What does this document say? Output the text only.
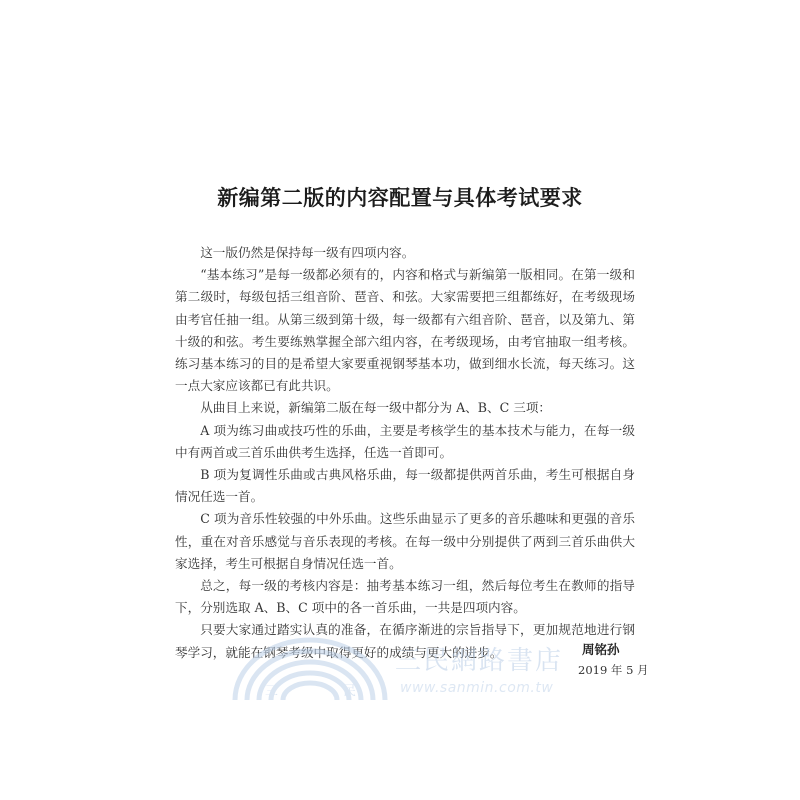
新编第二版的内容配置与具体考试要求

这一版仍然是保持每一级有四项内容。

“基本练习”是每一级都必须有的，内容和格式与新编第一版相同。在第一级和第二级时，每级包括三组音阶、琶音、和弦。大家需要把三组都练好，在考级现场由考官任抽一组。从第三级到第十级，每一级都有六组音阶、琶音，以及第九、第十级的和弦。考生要练熟掌握全部六组内容，在考级现场，由考官抽取一组考核。练习基本练习的目的是希望大家要重视钢琴基本功，做到细水长流，每天练习。这一点大家应该都已有此共识。

从曲目上来说，新编第二版在每一级中都分为 A、B、C 三项：

A 项为练习曲或技巧性的乐曲，主要是考核学生的基本技术与能力，在每一级中有两首或三首乐曲供考生选择，任选一首即可。

B 项为复调性乐曲或古典风格乐曲，每一级都提供两首乐曲，考生可根据自身情况任选一首。

C 项为音乐性较强的中外乐曲。这些乐曲显示了更多的音乐趣味和更强的音乐性，重在对音乐感觉与音乐表现的考核。在每一级中分别提供了两到三首乐曲供大家选择，考生可根据自身情况任选一首。

总之，每一级的考核内容是：抽考基本练习一组，然后每位考生在教师的指导下，分别选取 A、B、C 项中的各一首乐曲，一共是四项内容。

只要大家通过踏实认真的准备，在循序渐进的宗旨指导下，更加规范地进行钢琴学习，就能在钢琴考级中取得更好的成绩与更大的进步。

三	民
三民網路書店
www.sanmin.com.tw
周铭孙
2019 年 5 月
